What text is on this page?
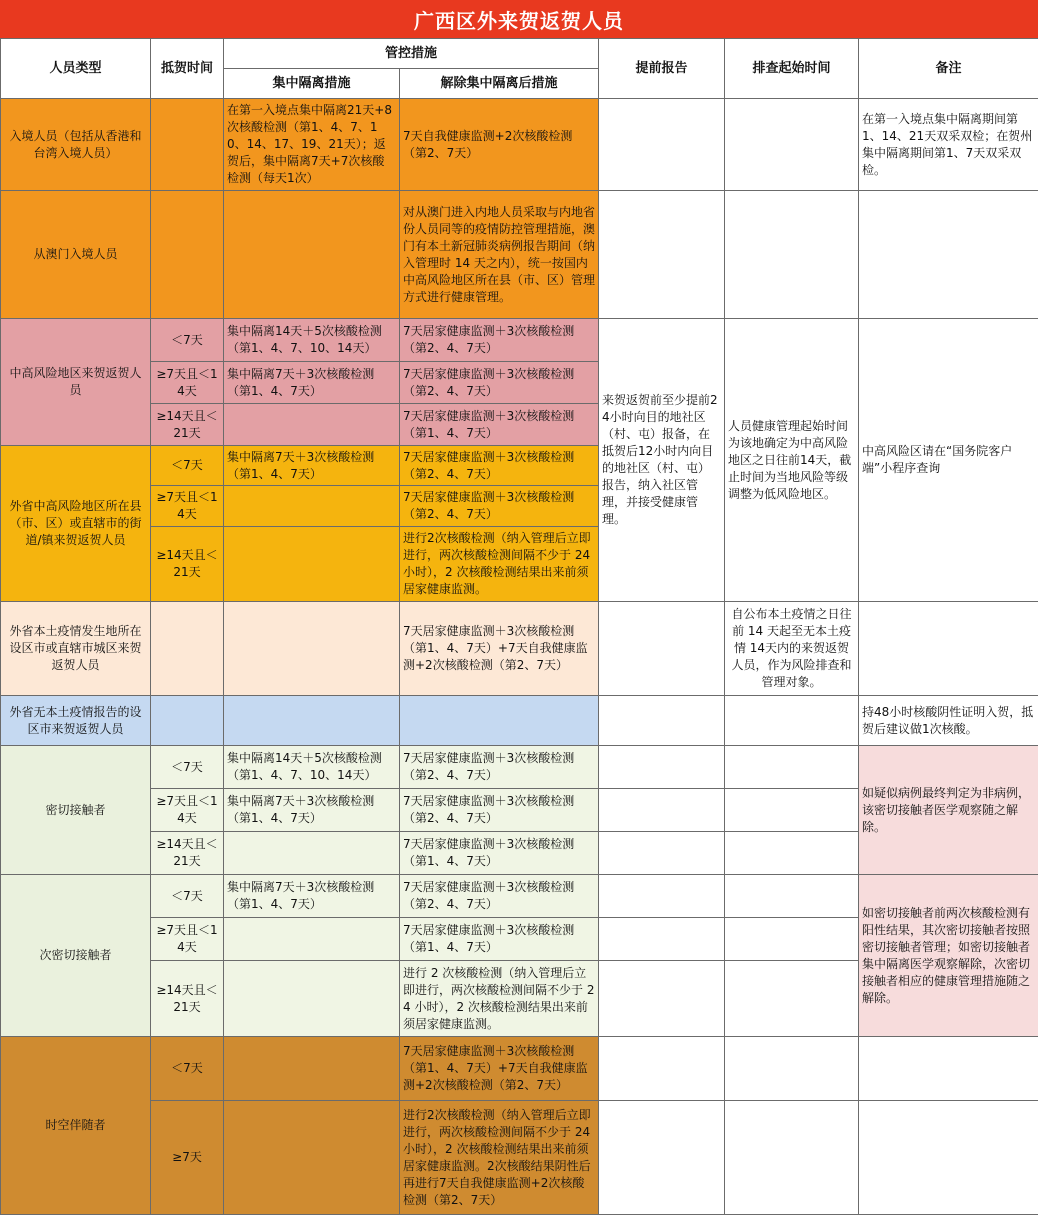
广西区外来贺返贺人员
人员类型	抵贺时间	管控措施		提前报告	排查起始时间	备注
		集中隔离措施	解除集中隔离后措施			
入境人员（包括从香港和台湾入境人员）		在第一入境点集中隔离21天+8次核酸检测（第1、4、7、10、14、17、19、21天）；返贺后，集中隔离7天+7次核酸检测（每天1次）	7天自我健康监测+2次核酸检测（第2、7天）			在第一入境点集中隔离期间第1、14、21天双采双检；在贺州集中隔离期间第1、7天双采双检。
从澳门入境人员			对从澳门进入内地人员采取与内地省份人员同等的疫情防控管理措施，澳门有本土新冠肺炎病例报告期间（纳入管理时 14 天之内），统一按国内中高风险地区所在县（市、区）管理方式进行健康管理。			
中高风险地区来贺返贺人员	＜7天	集中隔离14天＋5次核酸检测（第1、4、7、10、14天）	7天居家健康监测＋3次核酸检测（第2、4、7天）	来贺返贺前至少提前24小时向目的地社区（村、屯）报备，在抵贺后12小时内向目的地社区（村、屯）报告，纳入社区管理，并接受健康管理。	人员健康管理起始时间为该地确定为中高风险地区之日往前14天，截止时间为当地风险等级调整为低风险地区。	中高风险区请在“国务院客户端”小程序查询
	≥7天且＜14天	集中隔离7天＋3次核酸检测（第1、4、7天）	7天居家健康监测＋3次核酸检测（第2、4、7天）			
	≥14天且＜21天		7天居家健康监测＋3次核酸检测（第1、4、7天）			
外省中高风险地区所在县（市、区）或直辖市的街道/镇来贺返贺人员	＜7天	集中隔离7天＋3次核酸检测（第1、4、7天）	7天居家健康监测＋3次核酸检测（第2、4、7天）			
	≥7天且＜14天		7天居家健康监测＋3次核酸检测（第2、4、7天）			
	≥14天且＜21天		进行2次核酸检测（纳入管理后立即进行，两次核酸检测间隔不少于 24 小时），2 次核酸检测结果出来前须居家健康监测。			
外省本土疫情发生地所在设区市或直辖市城区来贺返贺人员			7天居家健康监测＋3次核酸检测（第1、4、7天）+7天自我健康监测+2次核酸检测（第2、7天）		自公布本土疫情之日往前 14 天起至无本土疫情 14天内的来贺返贺人员，作为风险排查和管理对象。	
外省无本土疫情报告的设区市来贺返贺人员						持48小时核酸阴性证明入贺，抵贺后建议做1次核酸。
密切接触者	＜7天	集中隔离14天＋5次核酸检测（第1、4、7、10、14天）	7天居家健康监测＋3次核酸检测（第2、4、7天）			如疑似病例最终判定为非病例，该密切接触者医学观察随之解除。
	≥7天且＜14天	集中隔离7天＋3次核酸检测（第1、4、7天）	7天居家健康监测＋3次核酸检测（第2、4、7天）			
	≥14天且＜21天		7天居家健康监测＋3次核酸检测（第1、4、7天）			
次密切接触者	＜7天	集中隔离7天＋3次核酸检测（第1、4、7天）	7天居家健康监测＋3次核酸检测（第2、4、7天）			如密切接触者前两次核酸检测有阳性结果，其次密切接触者按照密切接触者管理；如密切接触者集中隔离医学观察解除，次密切接触者相应的健康管理措施随之解除。
	≥7天且＜14天		7天居家健康监测＋3次核酸检测（第1、4、7天）			
	≥14天且＜21天		进行 2 次核酸检测（纳入管理后立即进行，两次核酸检测间隔不少于 24 小时），2 次核酸检测结果出来前须居家健康监测。			
时空伴随者	＜7天		7天居家健康监测＋3次核酸检测（第1、4、7天）+7天自我健康监测+2次核酸检测（第2、7天）			
	≥7天		进行2次核酸检测（纳入管理后立即进行，两次核酸检测间隔不少于 24 小时），2 次核酸检测结果出来前须居家健康监测。2次核酸结果阴性后再进行7天自我健康监测+2次核酸检测（第2、7天）			
